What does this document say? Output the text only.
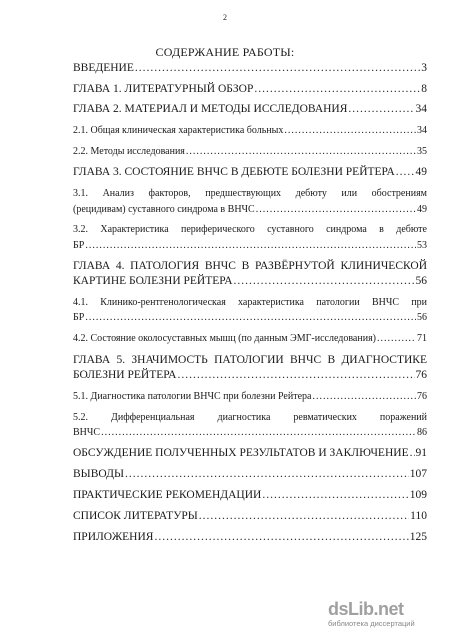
2
СОДЕРЖАНИЕ РАБОТЫ:
ВВЕДЕНИЕ .....	3
ГЛАВА 1. ЛИТЕРАТУРНЫЙ ОБЗОР .....	8
ГЛАВА 2. МАТЕРИАЛ И МЕТОДЫ ИССЛЕДОВАНИЯ .....	34
2.1. Общая клиническая характеристика больных .....	34
2.2. Методы исследования .....	35
ГЛАВА 3. СОСТОЯНИЕ ВНЧС В ДЕБЮТЕ БОЛЕЗНИ РЕЙТЕРА ..... 49
3.1. Анализ факторов, предшествующих дебюту или обострениям
(рецидивам) суставного синдрома в ВНЧС .....	49
3.2. Характеристика периферического суставного синдрома в дебюте
БР .....	53
ГЛАВА 4. ПАТОЛОГИЯ ВНЧС В РАЗВЁРНУТОЙ КЛИНИЧЕСКОЙ
КАРТИНЕ БОЛЕЗНИ РЕЙТЕРА .....	56
4.1. Клинико-рентгенологическая характеристика патологии ВНЧС при
БР .....	56
4.2. Состояние околосуставных мышц (по данным ЭМГ-исследования) .....	71
ГЛАВА 5. ЗНАЧИМОСТЬ ПАТОЛОГИИ ВНЧС В ДИАГНОСТИКЕ
БОЛЕЗНИ РЕЙТЕРА .....	76
5.1. Диагностика патологии ВНЧС при болезни Рейтера .....	76
5.2. Дифференциальная диагностика ревматических поражений
ВНЧС .....	86
ОБСУЖДЕНИЕ ПОЛУЧЕННЫХ РЕЗУЛЬТАТОВ И ЗАКЛЮЧЕНИЕ ..... 91
ВЫВОДЫ .....	107
ПРАКТИЧЕСКИЕ РЕКОМЕНДАЦИИ .....	109
СПИСОК ЛИТЕРАТУРЫ .....	110
ПРИЛОЖЕНИЯ .....	125
dsLib.net
библиотека диссертаций
